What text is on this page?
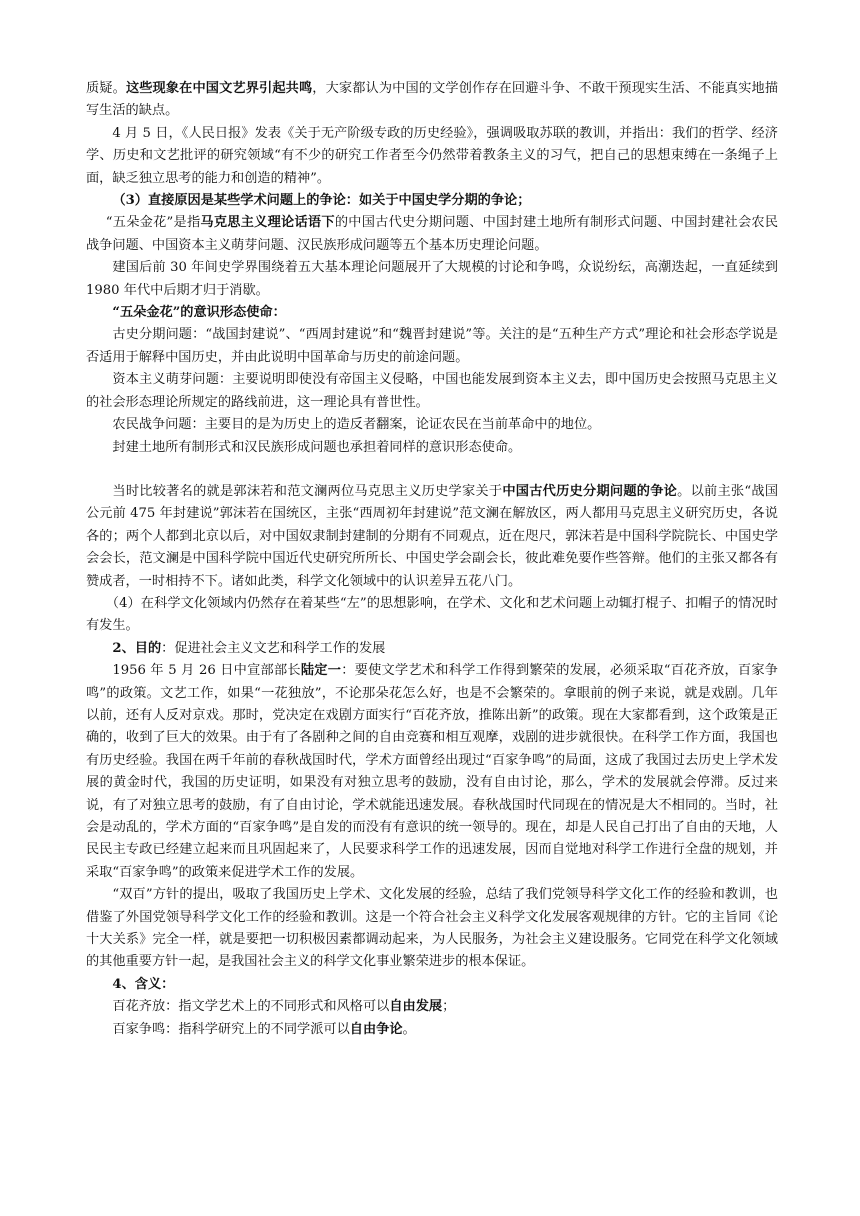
质疑。这些现象在中国文艺界引起共鸣，大家都认为中国的文学创作存在回避斗争、不敢干预现实生活、不能真实地描写生活的缺点。

4 月 5 日，《人民日报》发表《关于无产阶级专政的历史经验》，强调吸取苏联的教训，并指出：我们的哲学、经济学、历史和文艺批评的研究领域“有不少的研究工作者至今仍然带着教条主义的习气，把自己的思想束缚在一条绳子上面，缺乏独立思考的能力和创造的精神”。

（3）直接原因是某些学术问题上的争论：如关于中国史学分期的争论；

“五朵金花”是指马克思主义理论话语下的中国古代史分期问题、中国封建土地所有制形式问题、中国封建社会农民战争问题、中国资本主义萌芽问题、汉民族形成问题等五个基本历史理论问题。

建国后前 30 年间史学界围绕着五大基本理论问题展开了大规模的讨论和争鸣，众说纷纭，高潮迭起，一直延续到 1980 年代中后期才归于消歇。

“五朵金花”的意识形态使命：

古史分期问题：“战国封建说”、“西周封建说”和“魏晋封建说”等。关注的是“五种生产方式”理论和社会形态学说是否适用于解释中国历史，并由此说明中国革命与历史的前途问题。

资本主义萌芽问题：主要说明即使没有帝国主义侵略，中国也能发展到资本主义去，即中国历史会按照马克思主义的社会形态理论所规定的路线前进，这一理论具有普世性。

农民战争问题：主要目的是为历史上的造反者翻案，论证农民在当前革命中的地位。

封建土地所有制形式和汉民族形成问题也承担着同样的意识形态使命。

当时比较著名的就是郭沫若和范文澜两位马克思主义历史学家关于中国古代历史分期问题的争论。以前主张“战国公元前 475 年封建说”郭沫若在国统区，主张“西周初年封建说”范文澜在解放区，两人都用马克思主义研究历史，各说各的；两个人都到北京以后，对中国奴隶制封建制的分期有不同观点，近在咫尺，郭沫若是中国科学院院长、中国史学会会长，范文澜是中国科学院中国近代史研究所所长、中国史学会副会长，彼此难免要作些答辩。他们的主张又都各有赞成者，一时相持不下。诸如此类，科学文化领域中的认识差异五花八门。

（4）在科学文化领域内仍然存在着某些“左”的思想影响，在学术、文化和艺术问题上动辄打棍子、扣帽子的情况时有发生。

2、目的：促进社会主义文艺和科学工作的发展

1956 年 5 月 26 日中宣部部长陆定一：要使文学艺术和科学工作得到繁荣的发展，必须采取“百花齐放，百家争鸣”的政策。文艺工作，如果“一花独放”，不论那朵花怎么好，也是不会繁荣的。拿眼前的例子来说，就是戏剧。几年以前，还有人反对京戏。那时，党决定在戏剧方面实行“百花齐放，推陈出新”的政策。现在大家都看到，这个政策是正确的，收到了巨大的效果。由于有了各剧种之间的自由竞赛和相互观摩，戏剧的进步就很快。在科学工作方面，我国也有历史经验。我国在两千年前的春秋战国时代，学术方面曾经出现过“百家争鸣”的局面，这成了我国过去历史上学术发展的黄金时代，我国的历史证明，如果没有对独立思考的鼓励，没有自由讨论，那么，学术的发展就会停滞。反过来说，有了对独立思考的鼓励，有了自由讨论，学术就能迅速发展。春秋战国时代同现在的情况是大不相同的。当时，社会是动乱的，学术方面的“百家争鸣”是自发的而没有有意识的统一领导的。现在，却是人民自己打出了自由的天地，人民民主专政已经建立起来而且巩固起来了，人民要求科学工作的迅速发展，因而自觉地对科学工作进行全盘的规划，并采取“百家争鸣”的政策来促进学术工作的发展。

“双百”方针的提出，吸取了我国历史上学术、文化发展的经验，总结了我们党领导科学文化工作的经验和教训，也借鉴了外国党领导科学文化工作的经验和教训。这是一个符合社会主义科学文化发展客观规律的方针。它的主旨同《论十大关系》完全一样，就是要把一切积极因素都调动起来，为人民服务，为社会主义建设服务。它同党在科学文化领域的其他重要方针一起，是我国社会主义的科学文化事业繁荣进步的根本保证。

4、含义：

百花齐放：指文学艺术上的不同形式和风格可以自由发展；

百家争鸣：指科学研究上的不同学派可以自由争论。
